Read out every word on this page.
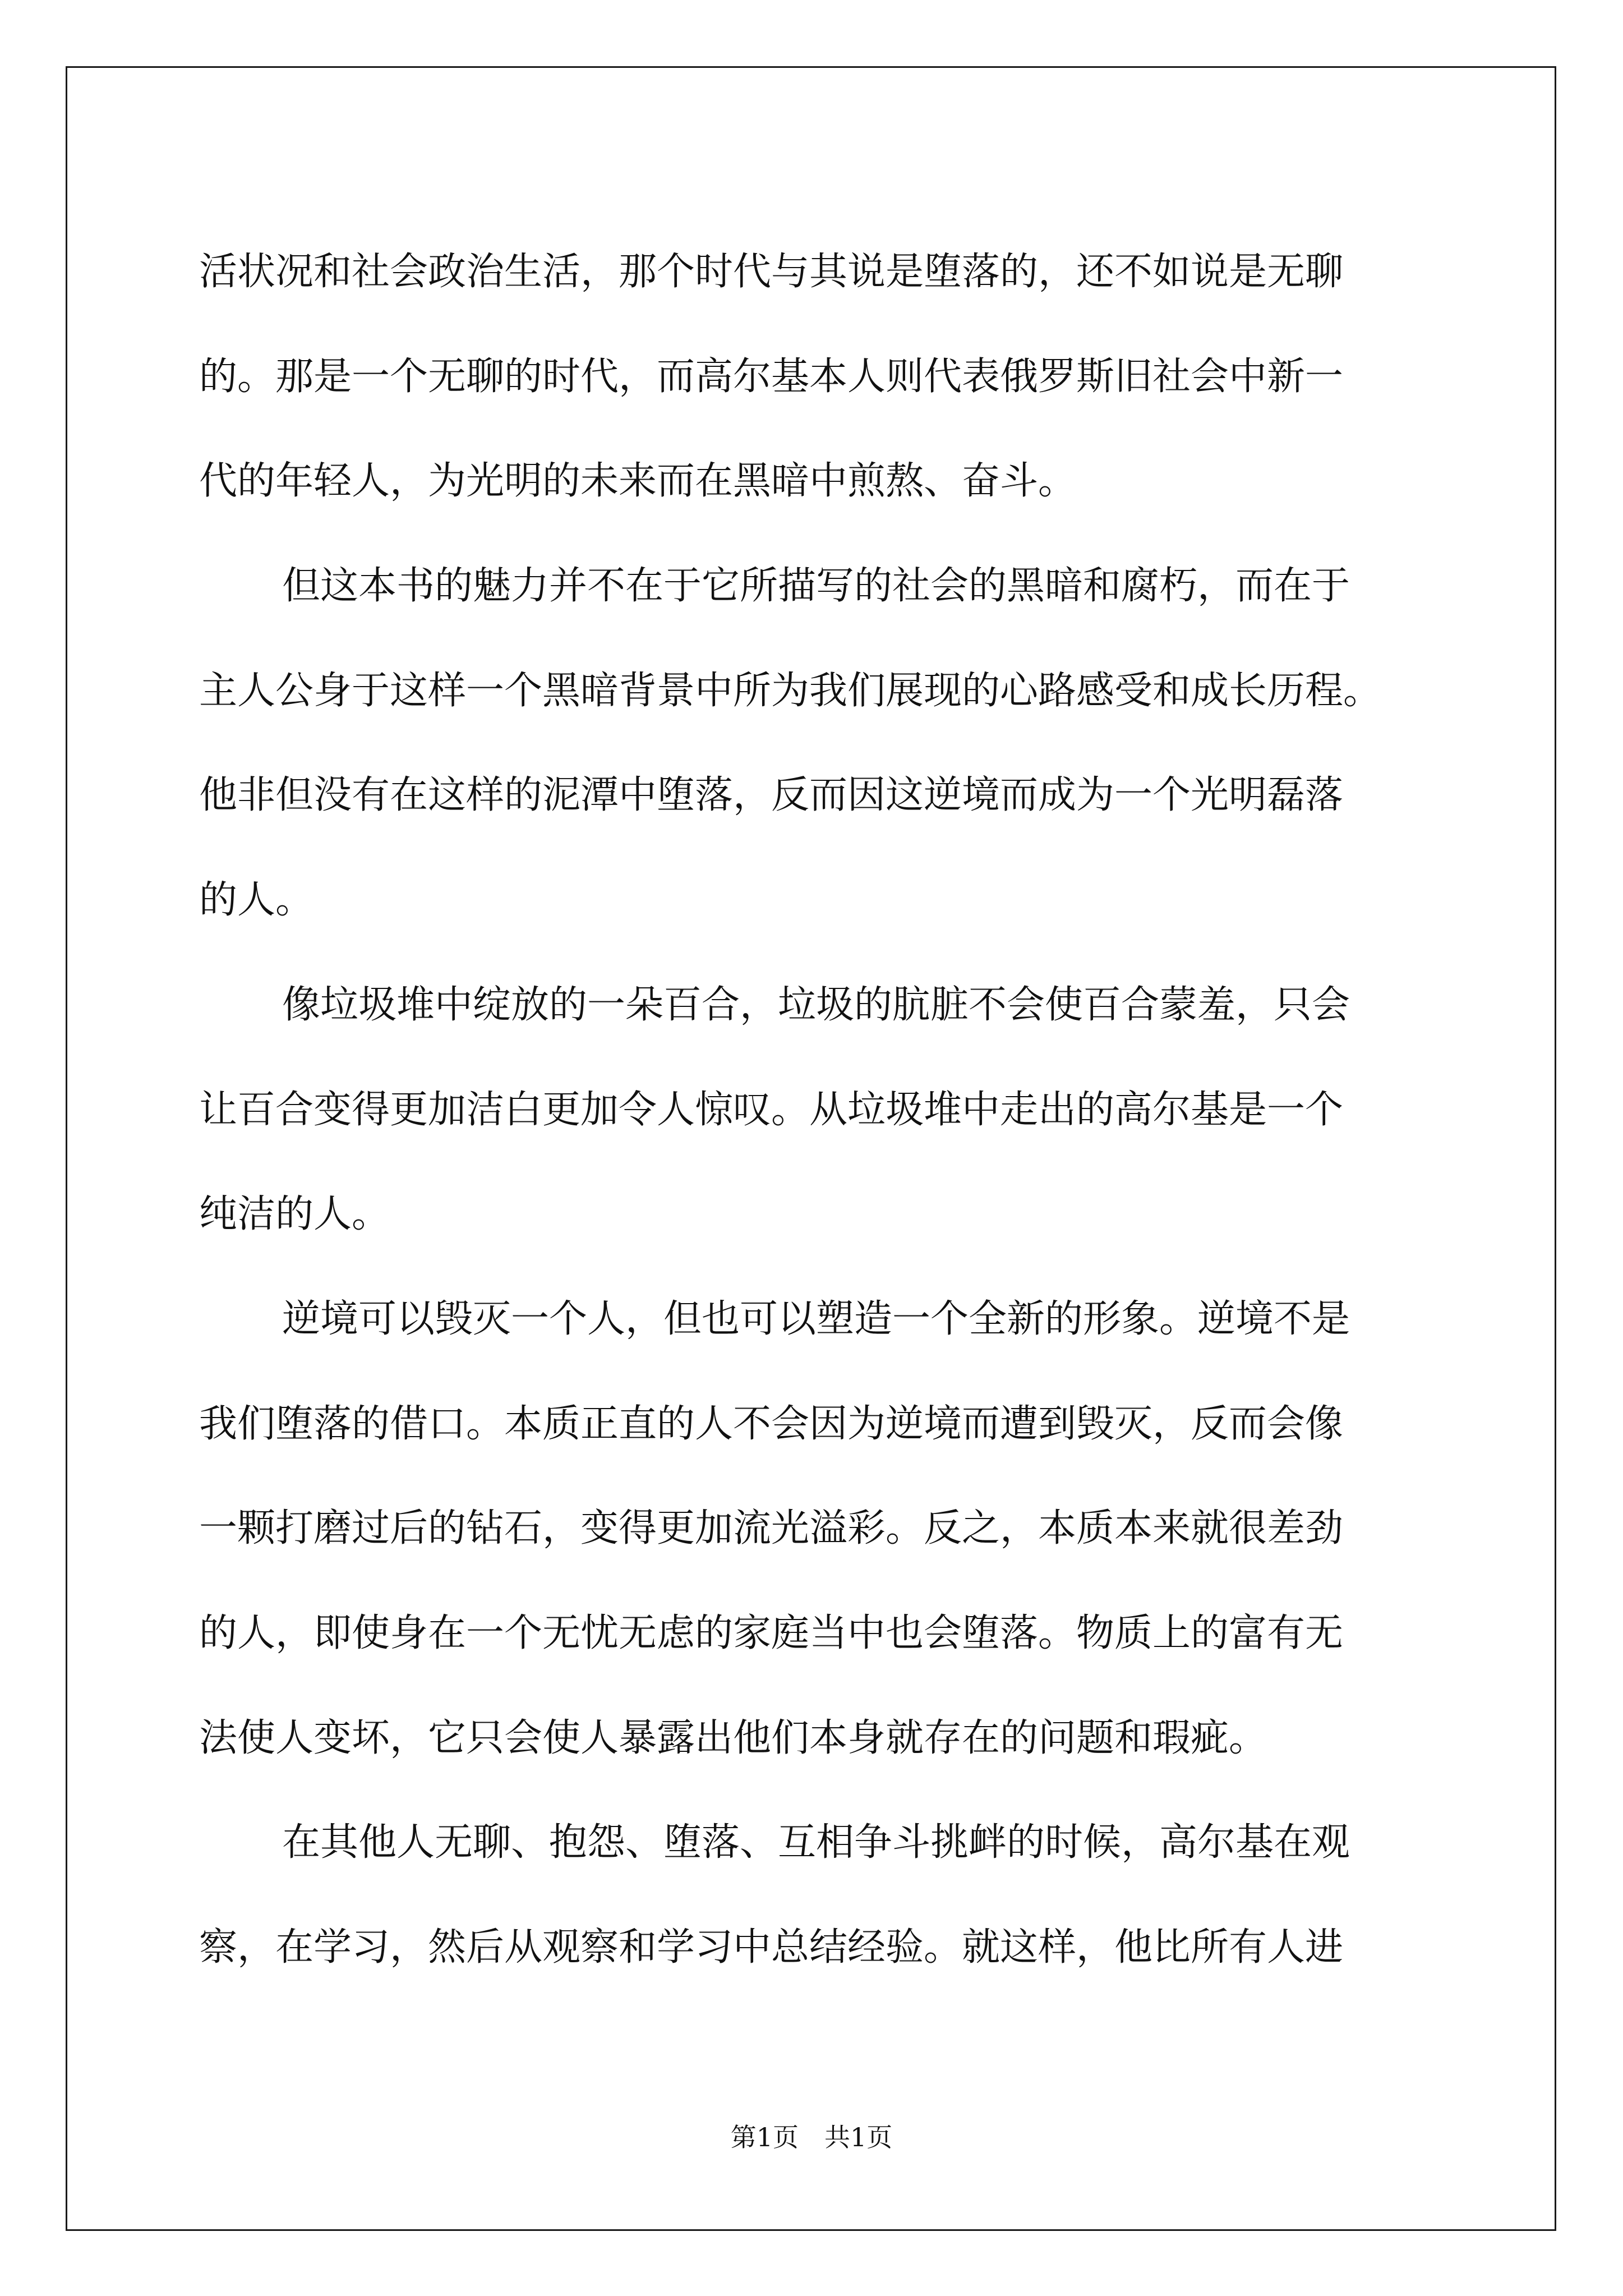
活状况和社会政治生活，那个时代与其说是堕落的，还不如说是无聊
的。那是一个无聊的时代，而高尔基本人则代表俄罗斯旧社会中新一
代的年轻人，为光明的未来而在黑暗中煎熬、奋斗。
但这本书的魅力并不在于它所描写的社会的黑暗和腐朽，而在于
主人公身于这样一个黑暗背景中所为我们展现的心路感受和成长历程。
他非但没有在这样的泥潭中堕落，反而因这逆境而成为一个光明磊落
的人。
像垃圾堆中绽放的一朵百合，垃圾的肮脏不会使百合蒙羞，只会
让百合变得更加洁白更加令人惊叹。从垃圾堆中走出的高尔基是一个
纯洁的人。
逆境可以毁灭一个人，但也可以塑造一个全新的形象。逆境不是
我们堕落的借口。本质正直的人不会因为逆境而遭到毁灭，反而会像
一颗打磨过后的钻石，变得更加流光溢彩。反之，本质本来就很差劲
的人，即使身在一个无忧无虑的家庭当中也会堕落。物质上的富有无
法使人变坏，它只会使人暴露出他们本身就存在的问题和瑕疵。
在其他人无聊、抱怨、堕落、互相争斗挑衅的时候，高尔基在观
察，在学习，然后从观察和学习中总结经验。就这样，他比所有人进
第1页　共1页
